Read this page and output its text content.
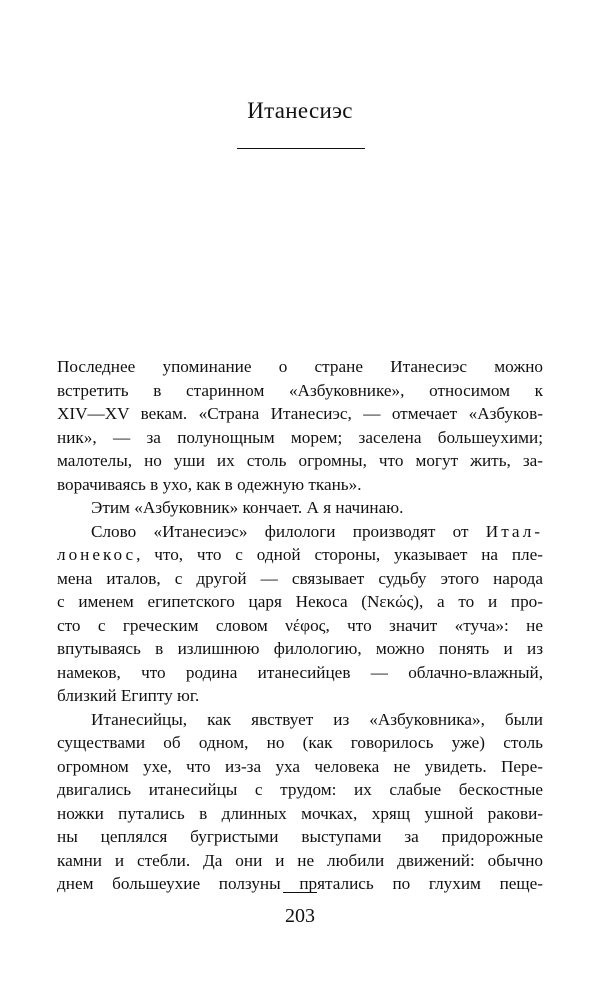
Итанесиэс
Последнее упоминание о стране Итанесиэс можно
встретить в старинном «Азбуковнике», относимом к
XIV—XV векам. «Страна Итанесиэс, — отмечает «Азбуков-
ник», — за полунощным морем; заселена большеухими;
малотелы, но уши их столь огромны, что могут жить, за-
ворачиваясь в ухо, как в одежную ткань».
Этим «Азбуковник» кончает. А я начинаю.
Слово «Итанесиэс» филологи производят от Итал-
лонекос, что, что с одной стороны, указывает на пле-
мена италов, с другой — связывает судьбу этого народа
с именем египетского царя Некоса (Νεκώς), а то и про-
сто с греческим словом νέφος, что значит «туча»: не
впутываясь в излишнюю филологию, можно понять и из
намеков, что родина итанесийцев — облачно-влажный,
близкий Египту юг.
Итанесийцы, как явствует из «Азбуковника», были
существами об одном, но (как говорилось уже) столь
огромном ухе, что из-за уха человека не увидеть. Пере-
двигались итанесийцы с трудом: их слабые бескостные
ножки путались в длинных мочках, хрящ ушной ракови-
ны цеплялся бугристыми выступами за придорожные
камни и стебли. Да они и не любили движений: обычно
днем большеухие ползуны прятались по глухим пеще-
203
